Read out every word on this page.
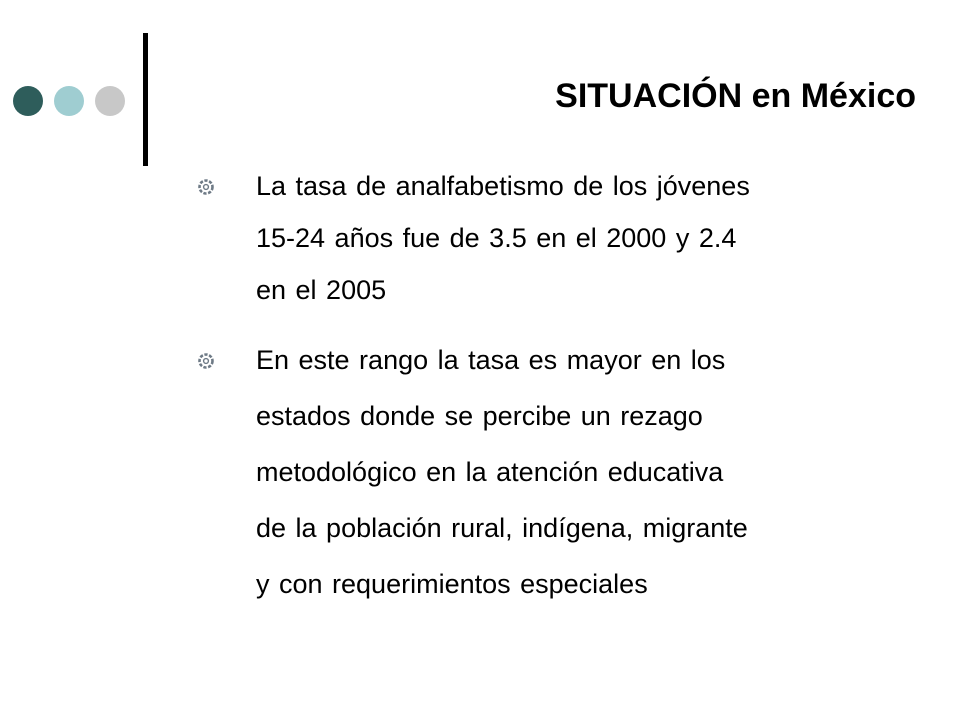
SITUACIÓN en México
La tasa de analfabetismo de los jóvenes
15-24 años fue de 3.5 en el 2000 y 2.4
en el 2005
En este rango la tasa es mayor en los
estados donde se percibe un rezago
metodológico en la atención educativa
de la población rural, indígena, migrante
y con requerimientos especiales
